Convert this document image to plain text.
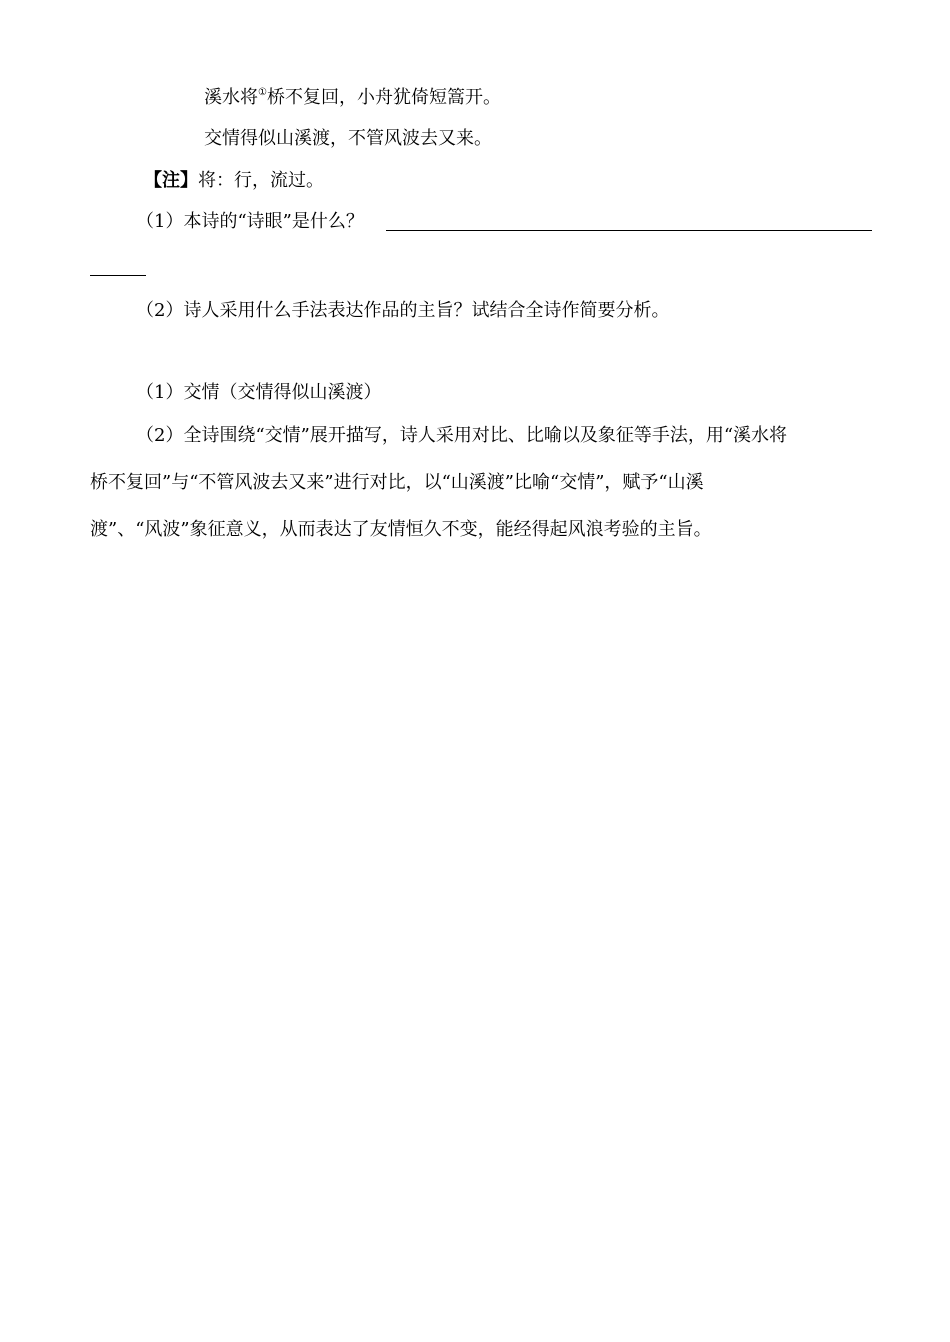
溪水将①桥不复回，小舟犹倚短篙开。
交情得似山溪渡，不管风波去又来。
【注】将：行，流过。
（1）本诗的“诗眼”是什么？
（2）诗人采用什么手法表达作品的主旨？试结合全诗作简要分析。
（1）交情（交情得似山溪渡）
（2）全诗围绕“交情”展开描写，诗人采用对比、比喻以及象征等手法，用“溪水将
桥不复回”与“不管风波去又来”进行对比，以“山溪渡”比喻“交情”，赋予“山溪
渡”、“风波”象征意义，从而表达了友情恒久不变，能经得起风浪考验的主旨。
